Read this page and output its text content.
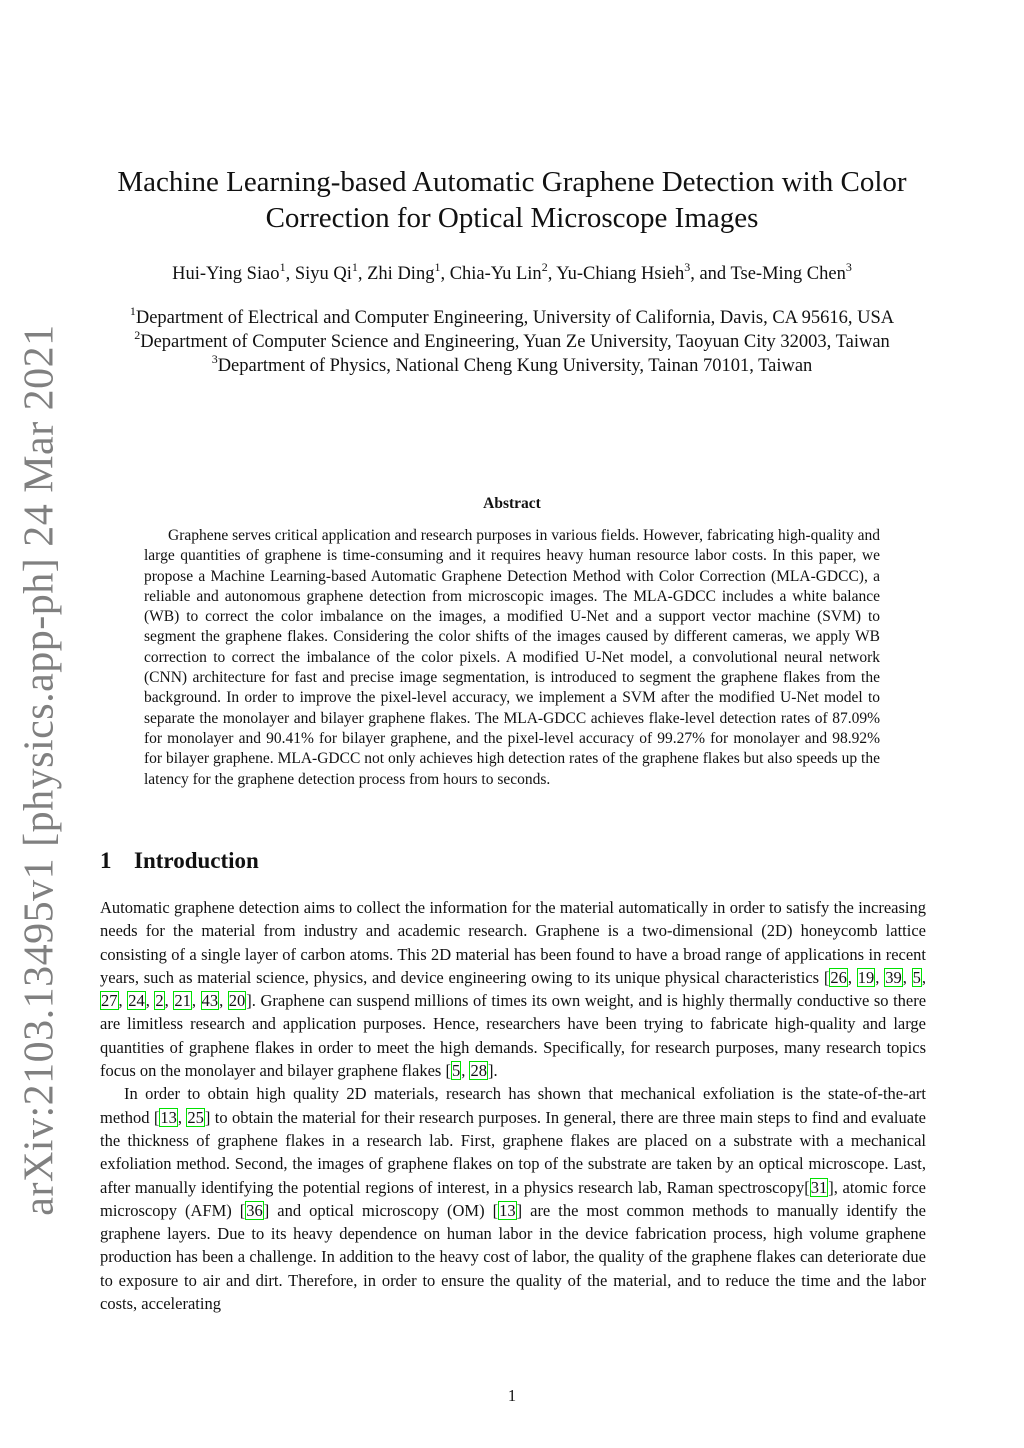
arXiv:2103.13495v1 [physics.app-ph] 24 Mar 2021
Machine Learning-based Automatic Graphene Detection with Color
Correction for Optical Microscope Images
Hui-Ying Siao$^1$, Siyu Qi$^1$, Zhi Ding$^1$, Chia-Yu Lin$^2$, Yu-Chiang Hsieh$^3$, and Tse-Ming Chen$^3$
$^1$Department of Electrical and Computer Engineering, University of California, Davis, CA 95616, USA
$^2$Department of Computer Science and Engineering, Yuan Ze University, Taoyuan City 32003, Taiwan
$^3$Department of Physics, National Cheng Kung University, Tainan 70101, Taiwan
Abstract

Graphene serves critical application and research purposes in various fields. However, fabricating high-quality and large quantities of graphene is time-consuming and it requires heavy human resource labor costs. In this paper, we propose a Machine Learning-based Automatic Graphene Detection Method with Color Correction (MLA-GDCC), a reliable and autonomous graphene detection from microscopic images. The MLA-GDCC includes a white balance (WB) to correct the color imbalance on the images, a modified U-Net and a support vector machine (SVM) to segment the graphene flakes. Considering the color shifts of the images caused by different cameras, we apply WB correction to correct the imbalance of the color pixels. A modified U-Net model, a convolutional neural network (CNN) architecture for fast and precise image segmentation, is introduced to segment the graphene flakes from the background. In order to improve the pixel-level accuracy, we implement a SVM after the modified U-Net model to separate the monolayer and bilayer graphene flakes. The MLA-GDCC achieves flake-level detection rates of 87.09% for monolayer and 90.41% for bilayer graphene, and the pixel-level accuracy of 99.27% for monolayer and 98.92% for bilayer graphene. MLA-GDCC not only achieves high detection rates of the graphene flakes but also speeds up the latency for the graphene detection process from hours to seconds.

1 Introduction

Automatic graphene detection aims to collect the information for the material automatically in order to satisfy the increasing needs for the material from industry and academic research. Graphene is a two-dimensional (2D) honeycomb lattice consisting of a single layer of carbon atoms. This 2D material has been found to have a broad range of applications in recent years, such as material science, physics, and device engineering owing to its unique physical characteristics [26, 19, 39, 5, 27, 24, 2, 21, 43, 20]. Graphene can suspend millions of times its own weight, and is highly thermally conductive so there are limitless research and application purposes. Hence, researchers have been trying to fabricate high-quality and large quantities of graphene flakes in order to meet the high demands. Specifically, for research purposes, many research topics focus on the monolayer and bilayer graphene flakes [5, 28].

In order to obtain high quality 2D materials, research has shown that mechanical exfoliation is the state-of-the-art method [13, 25] to obtain the material for their research purposes. In general, there are three main steps to find and evaluate the thickness of graphene flakes in a research lab. First, graphene flakes are placed on a substrate with a mechanical exfoliation method. Second, the images of graphene flakes on top of the substrate are taken by an optical microscope. Last, after manually identifying the potential regions of interest, in a physics research lab, Raman spectroscopy[31], atomic force microscopy (AFM) [36] and optical microscopy (OM) [13] are the most common methods to manually identify the graphene layers. Due to its heavy dependence on human labor in the device fabrication process, high volume graphene production has been a challenge. In addition to the heavy cost of labor, the quality of the graphene flakes can deteriorate due to exposure to air and dirt. Therefore, in order to ensure the quality of the material, and to reduce the time and the labor costs, accelerating

1
